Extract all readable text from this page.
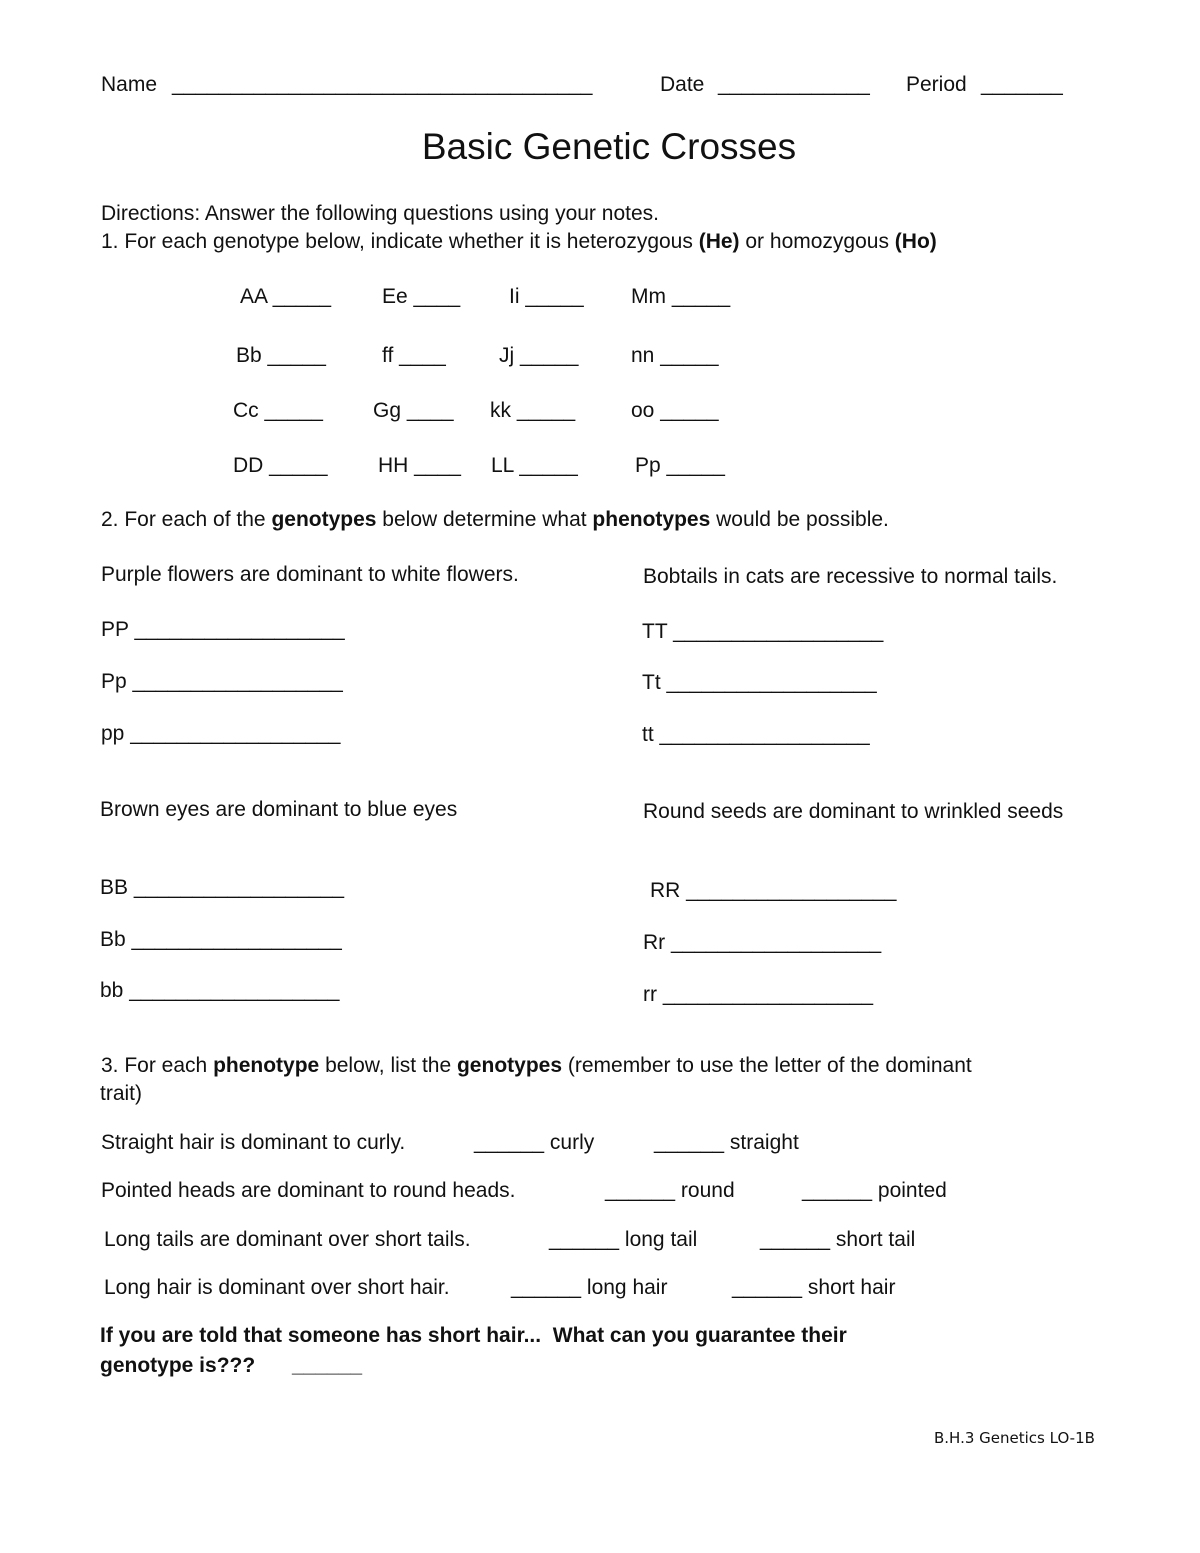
Name ____________________________________	Date _____________ Period _______
Basic Genetic Crosses
Directions: Answer the following questions using your notes.
1. For each genotype below, indicate whether it is heterozygous (He) or homozygous (Ho)
AA _____ Ee ____ Ii _____ Mm _____
Bb _____	ff ____	Jj _____	nn _____
Cc _____ Gg ____ kk _____	oo _____
DD _____ HH ____ LL _____	Pp _____
2. For each of the genotypes below determine what phenotypes would be possible.
Purple flowers are dominant to white flowers.
PP __________________
Pp __________________
pp __________________
Bobtails in cats are recessive to normal tails.
TT __________________
Tt __________________
tt __________________
Brown eyes are dominant to blue eyes
BB __________________
Bb __________________
bb __________________
Round seeds are dominant to wrinkled seeds
RR __________________
Rr __________________
rr __________________
3. For each phenotype below, list the genotypes (remember to use the letter of the dominant
trait)
Straight hair is dominant to curly.	______ curly	______ straight
Pointed heads are dominant to round heads.	______ round	______ pointed
Long tails are dominant over short tails.	______ long tail	______ short tail
Long hair is dominant over short hair.	______ long hair	______ short hair
If you are told that someone has short hair...  What can you guarantee their
genotype is??? ______
B.H.3 Genetics LO-1B
